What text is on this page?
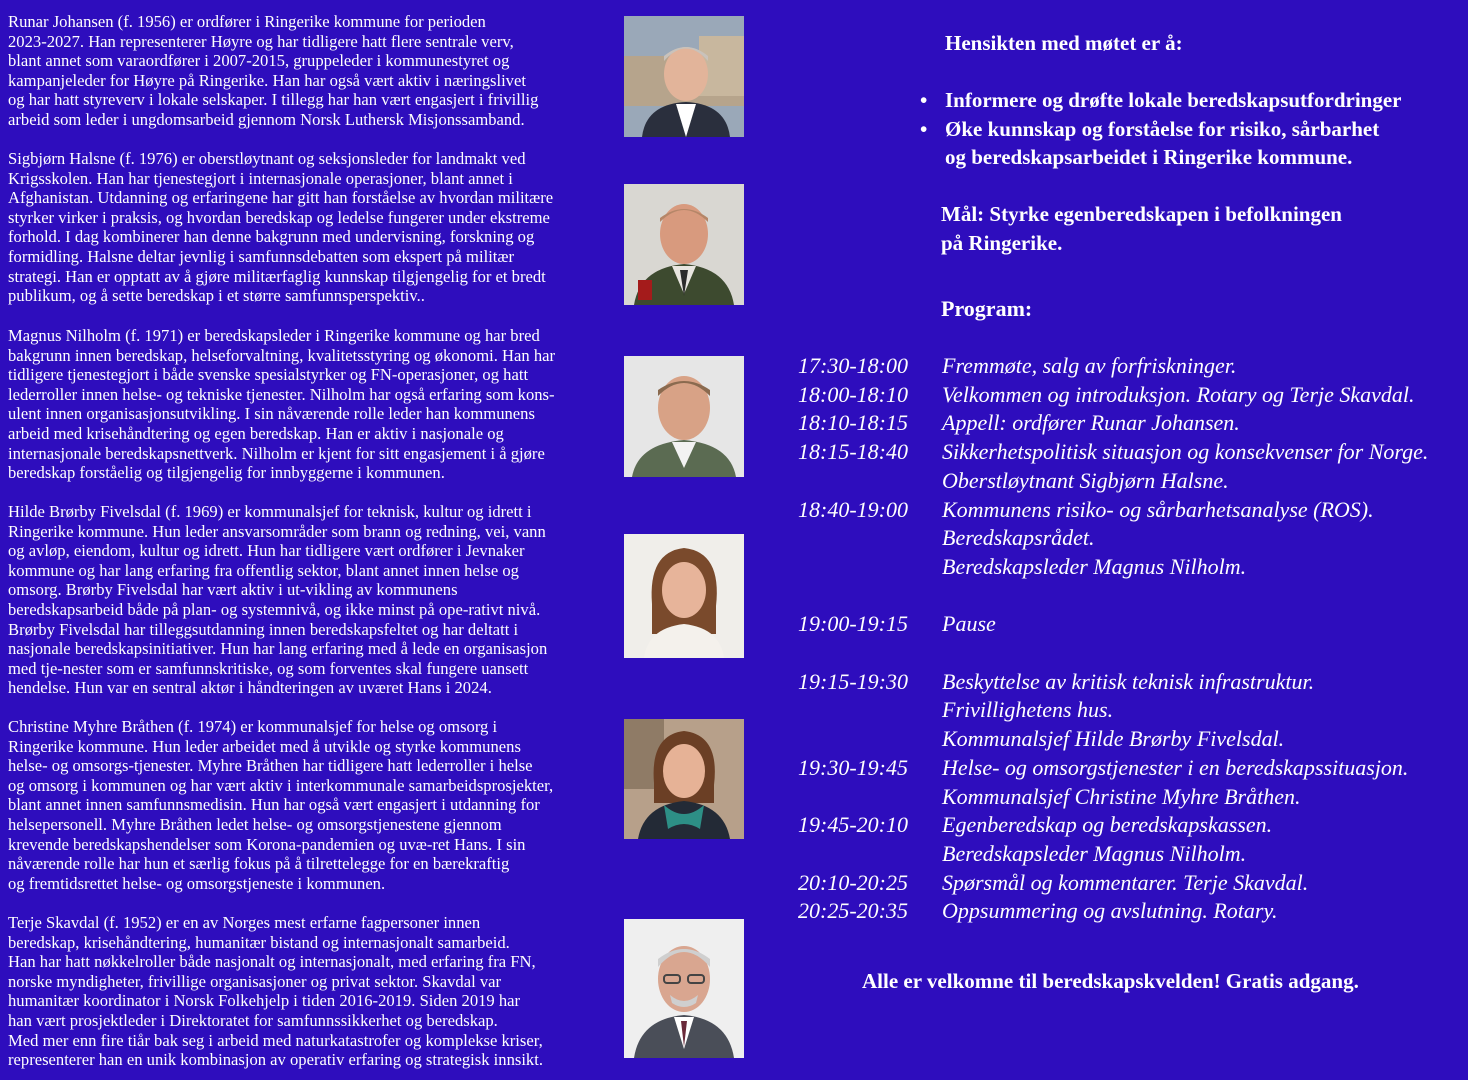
Runar Johansen (f. 1956) er ordfører i Ringerike kommune for perioden
2023-2027. Han representerer Høyre og har tidligere hatt flere sentrale verv,
blant annet som varaordfører i 2007-2015, gruppeleder i kommunestyret og
kampanjeleder for Høyre på Ringerike. Han har også vært aktiv i næringslivet
og har hatt styreverv i lokale selskaper. I tillegg har han vært engasjert i frivillig
arbeid som leder i ungdomsarbeid gjennom Norsk Luthersk Misjonssamband.

Sigbjørn Halsne (f. 1976) er oberstløytnant og seksjonsleder for landmakt ved
Krigsskolen. Han har tjenestegjort i internasjonale operasjoner, blant annet i
Afghanistan. Utdanning og erfaringene har gitt han forståelse av hvordan militære
styrker virker i praksis, og hvordan beredskap og ledelse fungerer under ekstreme
forhold. I dag kombinerer han denne bakgrunn med undervisning, forskning og
formidling. Halsne deltar jevnlig i samfunnsdebatten som ekspert på militær
strategi. Han er opptatt av å gjøre militærfaglig kunnskap tilgjengelig for et bredt
publikum, og å sette beredskap i et større samfunnsperspektiv..

Magnus Nilholm (f. 1971) er beredskapsleder i Ringerike kommune og har bred
bakgrunn innen beredskap, helseforvaltning, kvalitetsstyring og økonomi. Han har
tidligere tjenestegjort i både svenske spesialstyrker og FN-operasjoner, og hatt
lederroller innen helse- og tekniske tjenester. Nilholm har også erfaring som kons-
ulent innen organisasjonsutvikling. I sin nåværende rolle leder han kommunens
arbeid med krisehåndtering og egen beredskap. Han er aktiv i nasjonale og
internasjonale beredskapsnettverk. Nilholm er kjent for sitt engasjement i å gjøre
beredskap forståelig og tilgjengelig for innbyggerne i kommunen.

Hilde Brørby Fivelsdal (f. 1969) er kommunalsjef for teknisk, kultur og idrett i
Ringerike kommune. Hun leder ansvarsområder som brann og redning, vei, vann
og avløp, eiendom, kultur og idrett. Hun har tidligere vært ordfører i Jevnaker
kommune og har lang erfaring fra offentlig sektor, blant annet innen helse og
omsorg. Brørby Fivelsdal har vært aktiv i ut-vikling av kommunens
beredskapsarbeid både på plan- og systemnivå, og ikke minst på ope-rativt nivå.
Brørby Fivelsdal har tilleggsutdanning innen beredskapsfeltet og har deltatt i
nasjonale beredskapsinitiativer. Hun har lang erfaring med å lede en organisasjon
med tje-nester som er samfunnskritiske, og som forventes skal fungere uansett
hendelse. Hun var en sentral aktør i håndteringen av uværet Hans i 2024.

Christine Myhre Bråthen (f. 1974) er kommunalsjef for helse og omsorg i
Ringerike kommune. Hun leder arbeidet med å utvikle og styrke kommunens
helse- og omsorgs-tjenester. Myhre Bråthen har tidligere hatt lederroller i helse
og omsorg i kommunen og har vært aktiv i interkommunale samarbeidsprosjekter,
blant annet innen samfunnsmedisin. Hun har også vært engasjert i utdanning for
helsepersonell. Myhre Bråthen ledet helse- og omsorgstjenestene gjennom
krevende beredskapshendelser som Korona-pandemien og uvæ-ret Hans. I sin
nåværende rolle har hun et særlig fokus på å tilrettelegge for en bærekraftig
og fremtidsrettet helse- og omsorgstjeneste i kommunen.

Terje Skavdal (f. 1952) er en av Norges mest erfarne fagpersoner innen
beredskap, krisehåndtering, humanitær bistand og internasjonalt samarbeid.
Han har hatt nøkkelroller både nasjonalt og internasjonalt, med erfaring fra FN,
norske myndigheter, frivillige organisasjoner og privat sektor. Skavdal var
humanitær koordinator i Norsk Folkehjelp i tiden 2016-2019. Siden 2019 har
han vært prosjektleder i Direktoratet for samfunnssikkerhet og beredskap.
Med mer enn fire tiår bak seg i arbeid med naturkatastrofer og komplekse kriser,
representerer han en unik kombinasjon av operativ erfaring og strategisk innsikt.

Hensikten med møtet er å:

• Informere og drøfte lokale beredskapsutfordringer
• Øke kunnskap og forståelse for risiko, sårbarhet
og beredskapsarbeidet i Ringerike kommune.

Mål: Styrke egenberedskapen i befolkningen
på Ringerike.

Program:

17:30-18:00	Fremmøte, salg av forfriskninger.
18:00-18:10	Velkommen og introduksjon. Rotary og Terje Skavdal.
18:10-18:15	Appell: ordfører Runar Johansen.
18:15-18:40	Sikkerhetspolitisk situasjon og konsekvenser for Norge.
Oberstløytnant Sigbjørn Halsne.
18:40-19:00	Kommunens risiko- og sårbarhetsanalyse (ROS).
Beredskapsrådet.
Beredskapsleder Magnus Nilholm.
19:00-19:15	Pause
19:15-19:30	Beskyttelse av kritisk teknisk infrastruktur.
Frivillighetens hus.
Kommunalsjef Hilde Brørby Fivelsdal.
19:30-19:45	Helse- og omsorgstjenester i en beredskapssituasjon.
Kommunalsjef Christine Myhre Bråthen.
19:45-20:10	Egenberedskap og beredskapskassen.
Beredskapsleder Magnus Nilholm.
20:10-20:25	Spørsmål og kommentarer. Terje Skavdal.
20:25-20:35	Oppsummering og avslutning. Rotary.

Alle er velkomne til beredskapskvelden! Gratis adgang.
